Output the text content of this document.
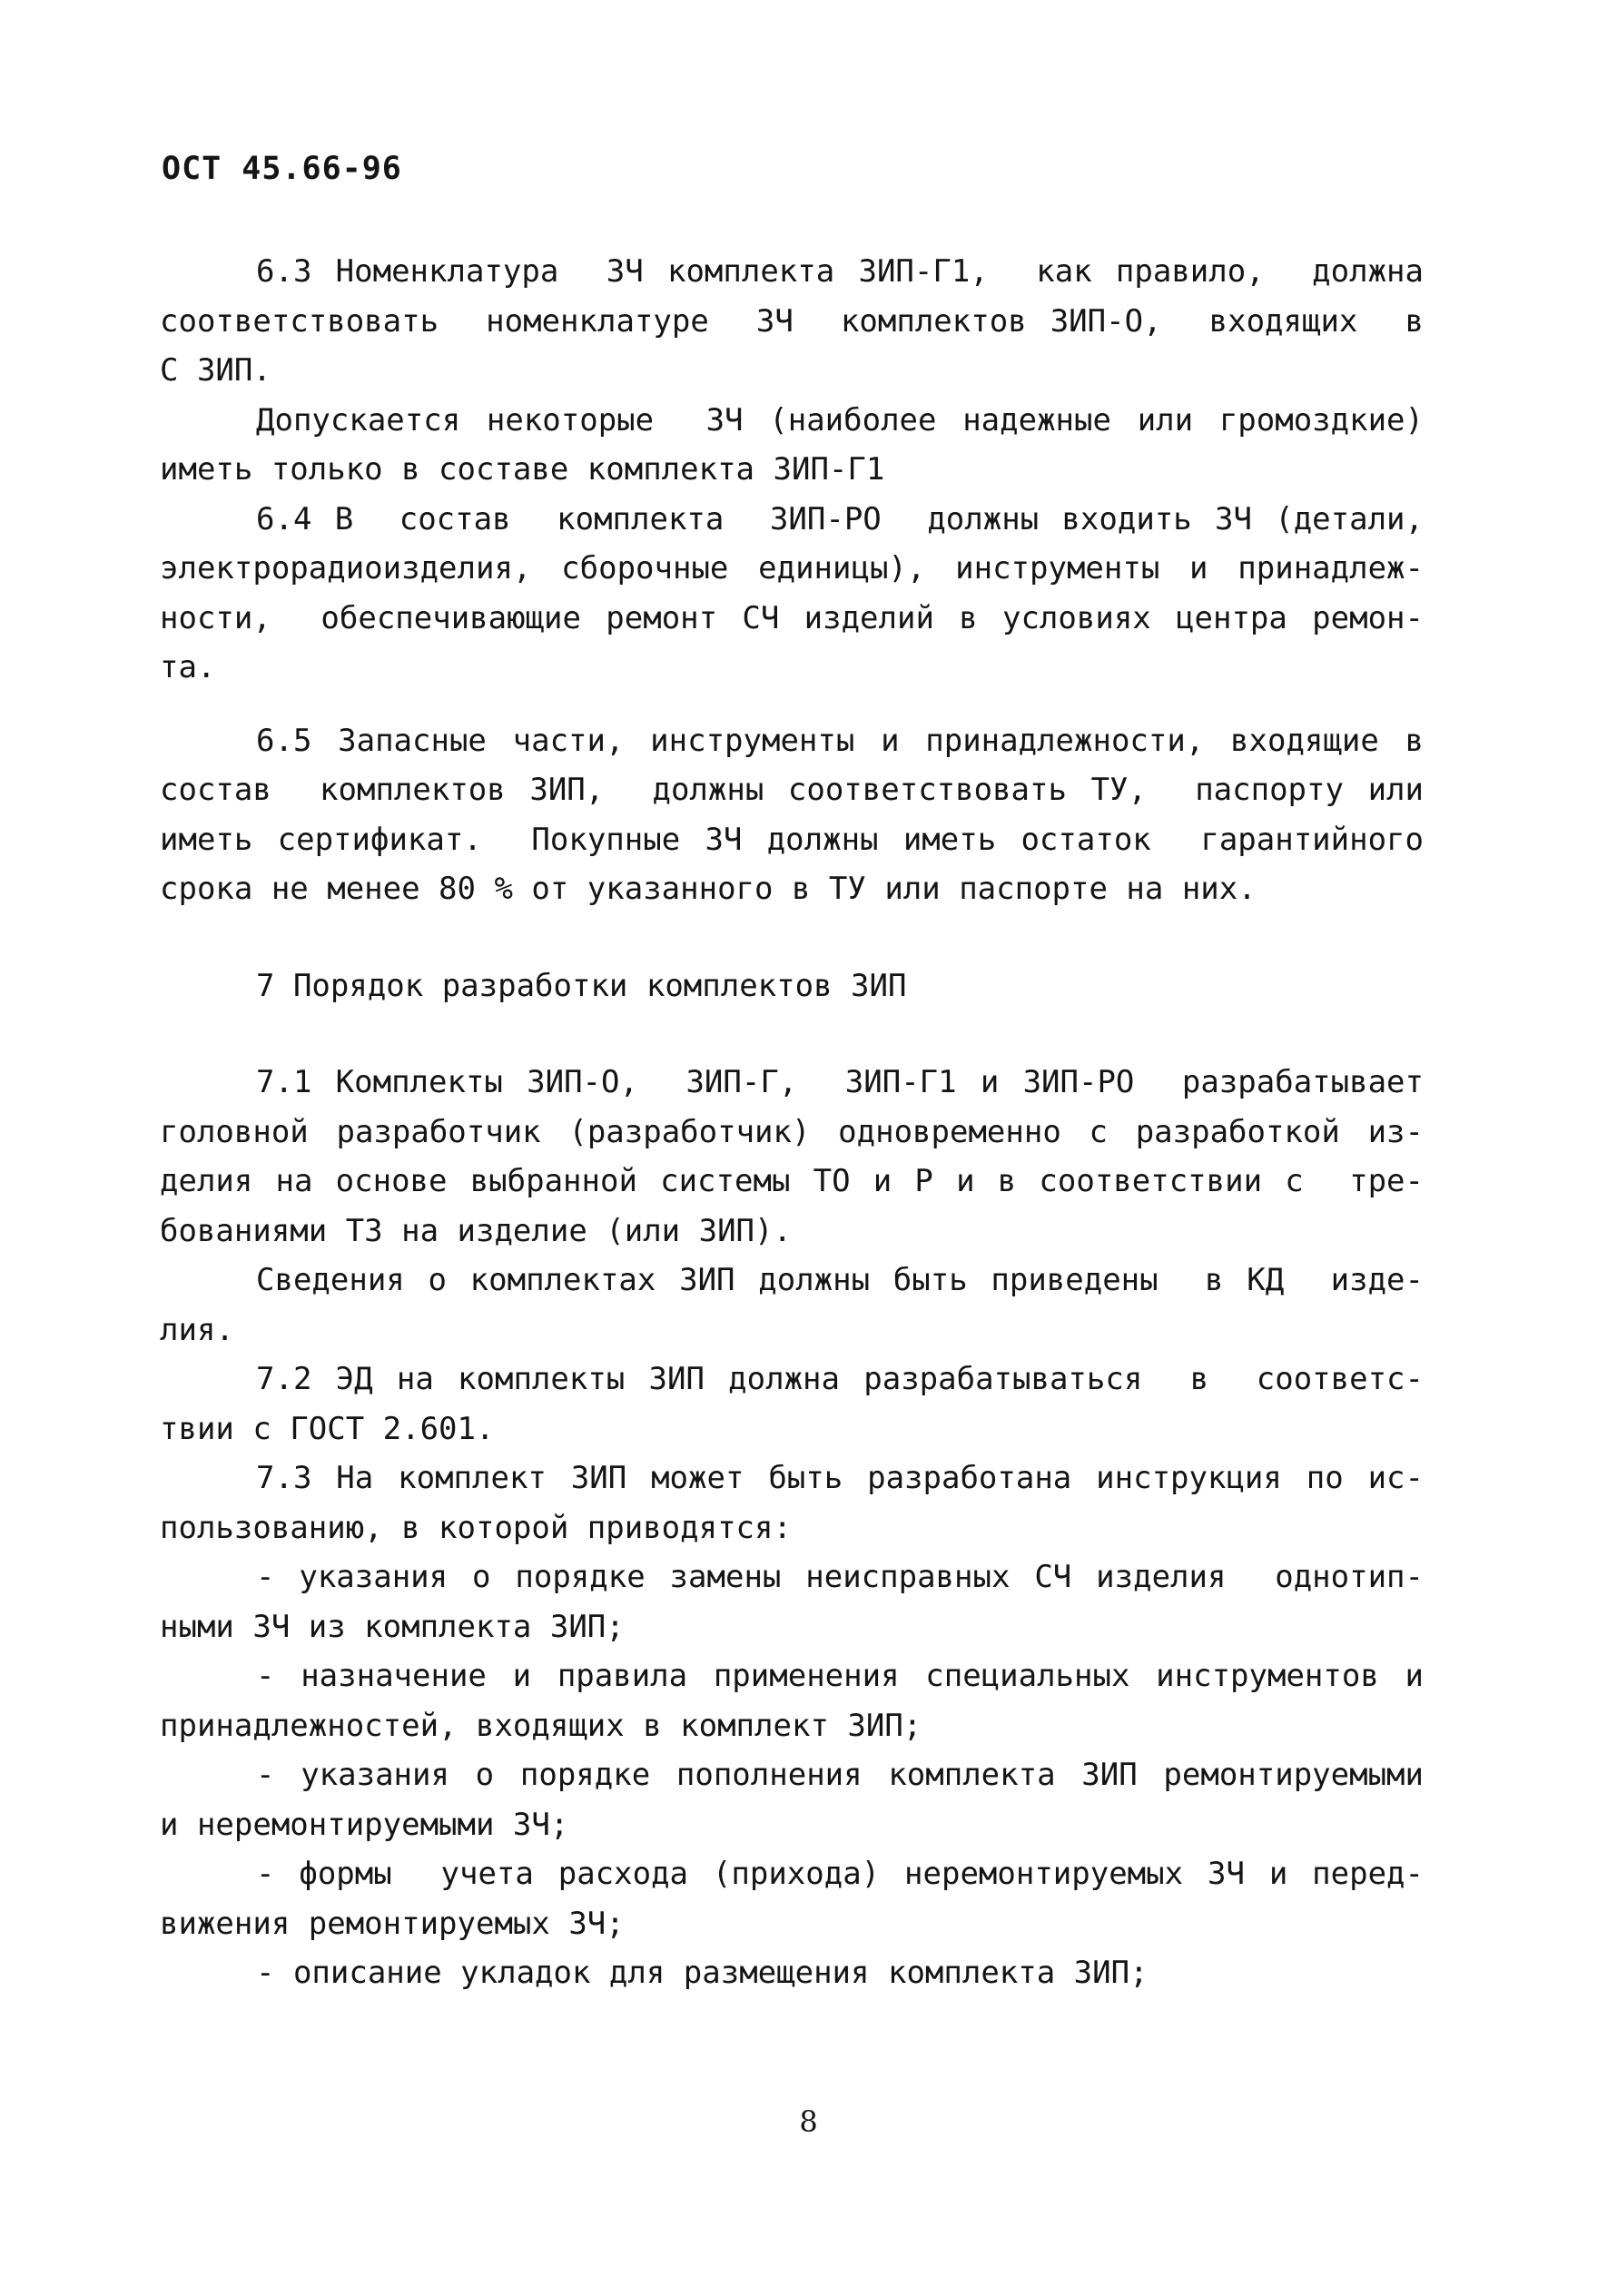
ОСТ 45.66-96
6.3 Номенклатура  ЗЧ комплекта ЗИП-Г1,  как правило,  должна
соответствовать  номенклатуре  ЗЧ  комплектов ЗИП-О,  входящих  в
С ЗИП.
Допускается некоторые  ЗЧ (наиболее надежные или громоздкие)
иметь только в составе комплекта ЗИП-Г1
6.4 В  состав  комплекта  ЗИП-РО  должны входить ЗЧ (детали,
электрорадиоизделия, сборочные единицы), инструменты и принадлеж-
ности,  обеспечивающие ремонт СЧ изделий в условиях центра ремон-
та.
6.5 Запасные части, инструменты и принадлежности, входящие в
состав  комплектов ЗИП,  должны соответствовать ТУ,  паспорту или
иметь сертификат.  Покупные ЗЧ должны иметь остаток  гарантийного
срока не менее 80 % от указанного в ТУ или паспорте на них.
7 Порядок разработки комплектов ЗИП
7.1 Комплекты ЗИП-О,  ЗИП-Г,  ЗИП-Г1 и ЗИП-РО  разрабатывает
головной разработчик (разработчик) одновременно с разработкой из-
делия на основе выбранной системы ТО и Р и в соответствии с  тре-
бованиями ТЗ на изделие (или ЗИП).
Сведения о комплектах ЗИП должны быть приведены  в КД  изде-
лия.
7.2 ЭД на комплекты ЗИП должна разрабатываться  в  соответс-
твии с ГОСТ 2.601.
7.3 На комплект ЗИП может быть разработана инструкция по ис-
пользованию, в которой приводятся:
- указания о порядке замены неисправных СЧ изделия  однотип-
ными ЗЧ из комплекта ЗИП;
- назначение и правила применения специальных инструментов и
принадлежностей, входящих в комплект ЗИП;
- указания о порядке пополнения комплекта ЗИП ремонтируемыми
и неремонтируемыми ЗЧ;
- формы  учета расхода (прихода) неремонтируемых ЗЧ и перед-
вижения ремонтируемых ЗЧ;
- описание укладок для размещения комплекта ЗИП;
8
